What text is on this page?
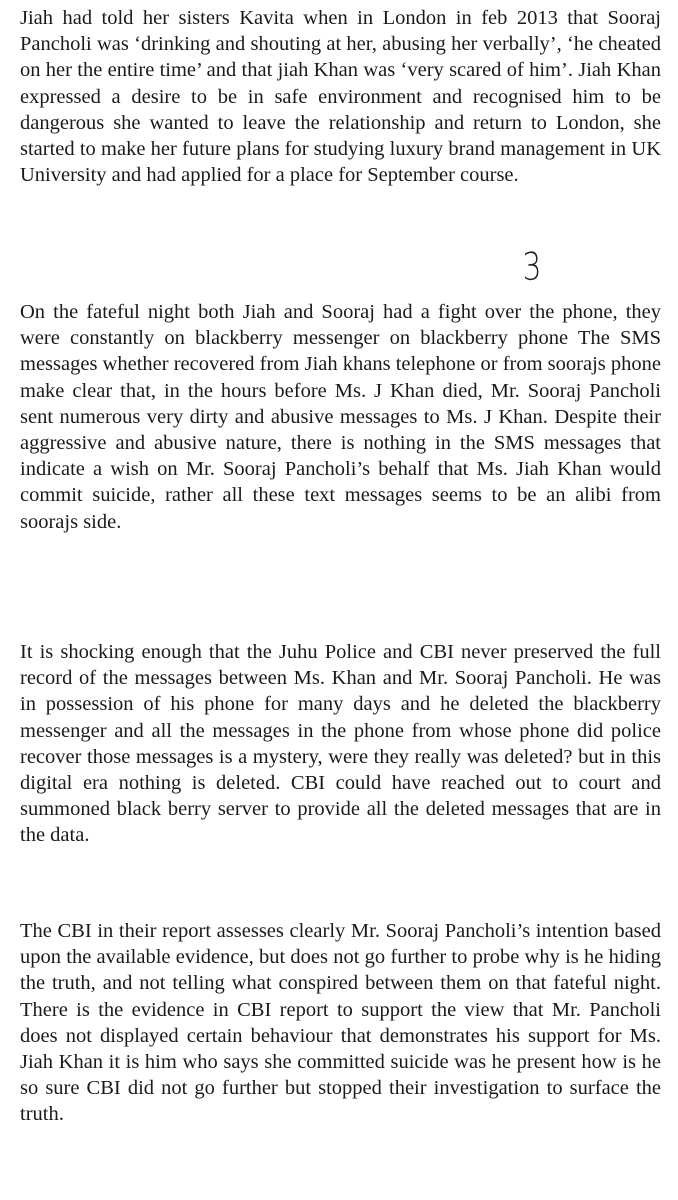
Jiah had told her sisters Kavita when in London in feb 2013 that Sooraj Pancholi was ‘drinking and shouting at her, abusing her verbally’, ‘he cheated on her the entire time’ and that jiah Khan was ‘very scared of him’. Jiah Khan expressed a desire to be in safe environment and recognised him to be dangerous she wanted to leave the relationship and return to London, she started to make her future plans for studying luxury brand management in UK University and had applied for a place for September course.

3

On the fateful night both Jiah and Sooraj had a fight over the phone, they were constantly on blackberry messenger on blackberry phone The SMS messages whether recovered from Jiah khans telephone or from soorajs phone make clear that, in the hours before Ms. J Khan died, Mr. Sooraj Pancholi sent numerous very dirty and abusive messages to Ms. J Khan. Despite their aggressive and abusive nature, there is nothing in the SMS messages that indicate a wish on Mr. Sooraj Pancholi’s behalf that Ms. Jiah Khan would commit suicide, rather all these text messages seems to be an alibi from soorajs side.

It is shocking enough that the Juhu Police and CBI never preserved the full record of the messages between Ms. Khan and Mr. Sooraj Pancholi. He was in possession of his phone for many days and he deleted the blackberry messenger and all the messages in the phone from whose phone did police recover those messages is a mystery, were they really was deleted? but in this digital era nothing is deleted. CBI could have reached out to court and summoned black berry server to provide all the deleted messages that are in the data.

The CBI in their report assesses clearly Mr. Sooraj Pancholi’s intention based upon the available evidence, but does not go further to probe why is he hiding the truth, and not telling what conspired between them on that fateful night. There is the evidence in CBI report to support the view that Mr. Pancholi does not displayed certain behaviour that demonstrates his support for Ms. Jiah Khan it is him who says she committed suicide was he present how is he so sure CBI did not go further but stopped their investigation to surface the truth.
